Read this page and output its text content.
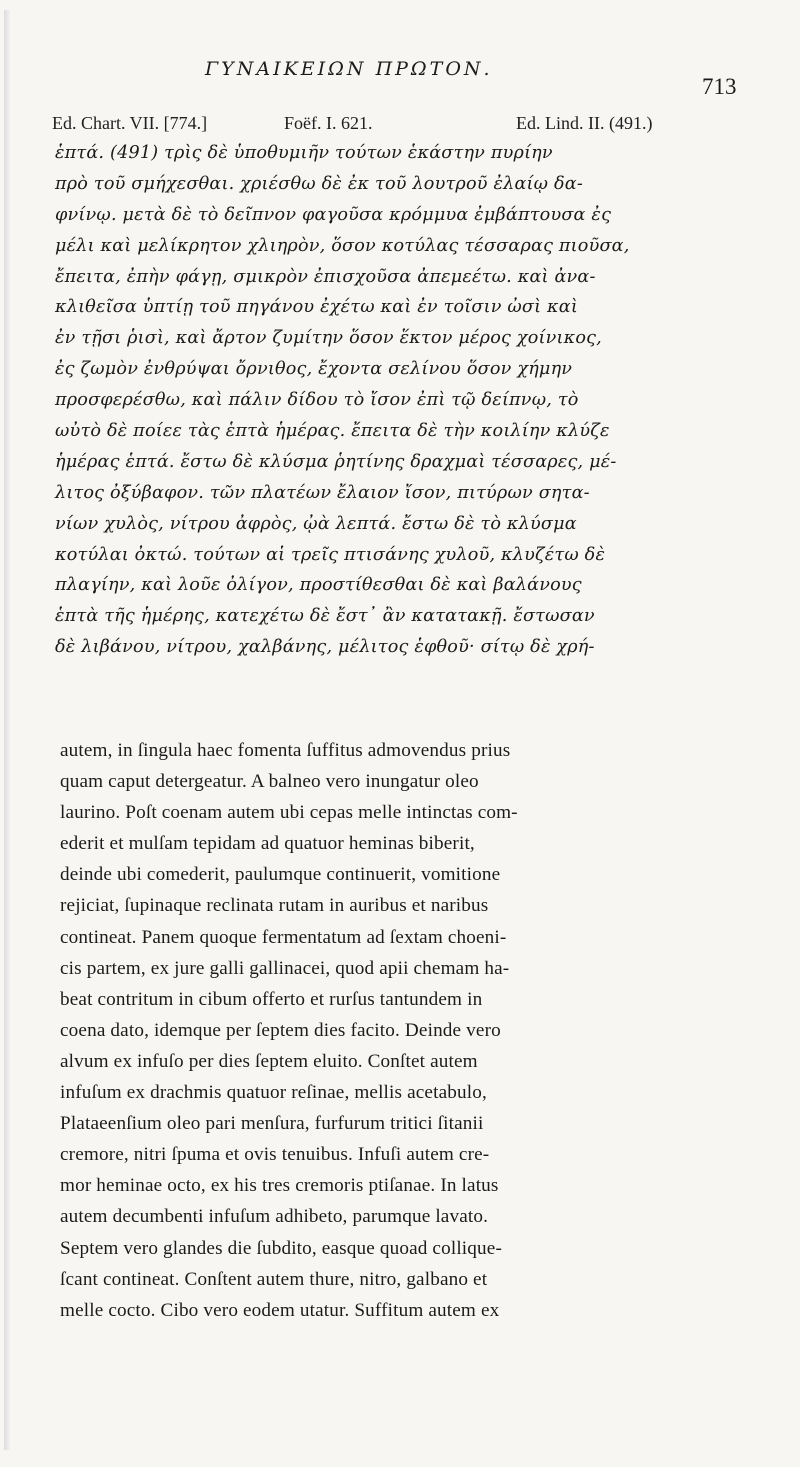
ΓΥΝΑΙΚΕΙΩΝ ΠΡΩΤΟΝ.
713
Ed. Chart. VII. [774.]	Foëf. I. 621.	Ed. Lind. II. (491.)
ἑπτά. (491) τρὶς δὲ ὑποθυμιῆν τούτων ἑκάστην πυρίην
πρὸ τοῦ σμήχεσθαι. χριέσθω δὲ ἐκ τοῦ λουτροῦ ἐλαίῳ δα-
φνίνῳ. μετὰ δὲ τὸ δεῖπνον φαγοῦσα κρόμμυα ἐμβάπτουσα ἐς
μέλι καὶ μελίκρητον χλιηρὸν, ὅσον κοτύλας τέσσαρας πιοῦσα,
ἔπειτα, ἐπὴν φάγῃ, σμικρὸν ἐπισχοῦσα ἀπεμεέτω. καὶ ἀνα-
κλιθεῖσα ὑπτίῃ τοῦ πηγάνου ἐχέτω καὶ ἐν τοῖσιν ὠσὶ καὶ
ἐν τῇσι ῥισὶ, καὶ ἄρτον ζυμίτην ὅσον ἕκτον μέρος χοίνικος,
ἐς ζωμὸν ἐνθρύψαι ὄρνιθος, ἔχοντα σελίνου ὅσον χήμην
προσφερέσθω, καὶ πάλιν δίδου τὸ ἴσον ἐπὶ τῷ δείπνῳ, τὸ
ωὐτὸ δὲ ποίεε τὰς ἑπτὰ ἡμέρας. ἔπειτα δὲ τὴν κοιλίην κλύζε
ἡμέρας ἑπτά. ἔστω δὲ κλύσμα ῥητίνης δραχμαὶ τέσσαρες, μέ-
λιτος ὀξύβαφον. τῶν πλατέων ἔλαιον ἴσον, πιτύρων σητα-
νίων χυλὸς, νίτρου ἀφρὸς, ᾠὰ λεπτά. ἔστω δὲ τὸ κλύσμα
κοτύλαι ὀκτώ. τούτων αἱ τρεῖς πτισάνης χυλοῦ, κλυζέτω δὲ
πλαγίην, καὶ λοῦε ὀλίγον, προστίθεσθαι δὲ καὶ βαλάνους
ἑπτὰ τῆς ἡμέρης, κατεχέτω δὲ ἔστ᾽ ἂν κατατακῇ. ἔστωσαν
δὲ λιβάνου, νίτρου, χαλβάνης, μέλιτος ἑφθοῦ· σίτῳ δὲ χρή-
autem, in ſingula haec fomenta ſuffitus admovendus prius
quam caput detergeatur. A balneo vero inungatur oleo
laurino. Poſt coenam autem ubi cepas melle intinctas com-
ederit et mulſam tepidam ad quatuor heminas biberit,
deinde ubi comederit, paulumque continuerit, vomitione
rejiciat, ſupinaque reclinata rutam in auribus et naribus
contineat. Panem quoque fermentatum ad ſextam choeni-
cis partem, ex jure galli gallinacei, quod apii chemam ha-
beat contritum in cibum offerto et rurſus tantundem in
coena dato, idemque per ſeptem dies facito. Deinde vero
alvum ex infuſo per dies ſeptem eluito. Conſtet autem
infuſum ex drachmis quatuor reſinae, mellis acetabulo,
Plataeenſium oleo pari menſura, furfurum tritici ſitanii
cremore, nitri ſpuma et ovis tenuibus. Infuſi autem cre-
mor heminae octo, ex his tres cremoris ptiſanae. In latus
autem decumbenti infuſum adhibeto, parumque lavato.
Septem vero glandes die ſubdito, easque quoad collique-
ſcant contineat. Conſtent autem thure, nitro, galbano et
melle cocto. Cibo vero eodem utatur. Suffitum autem ex
